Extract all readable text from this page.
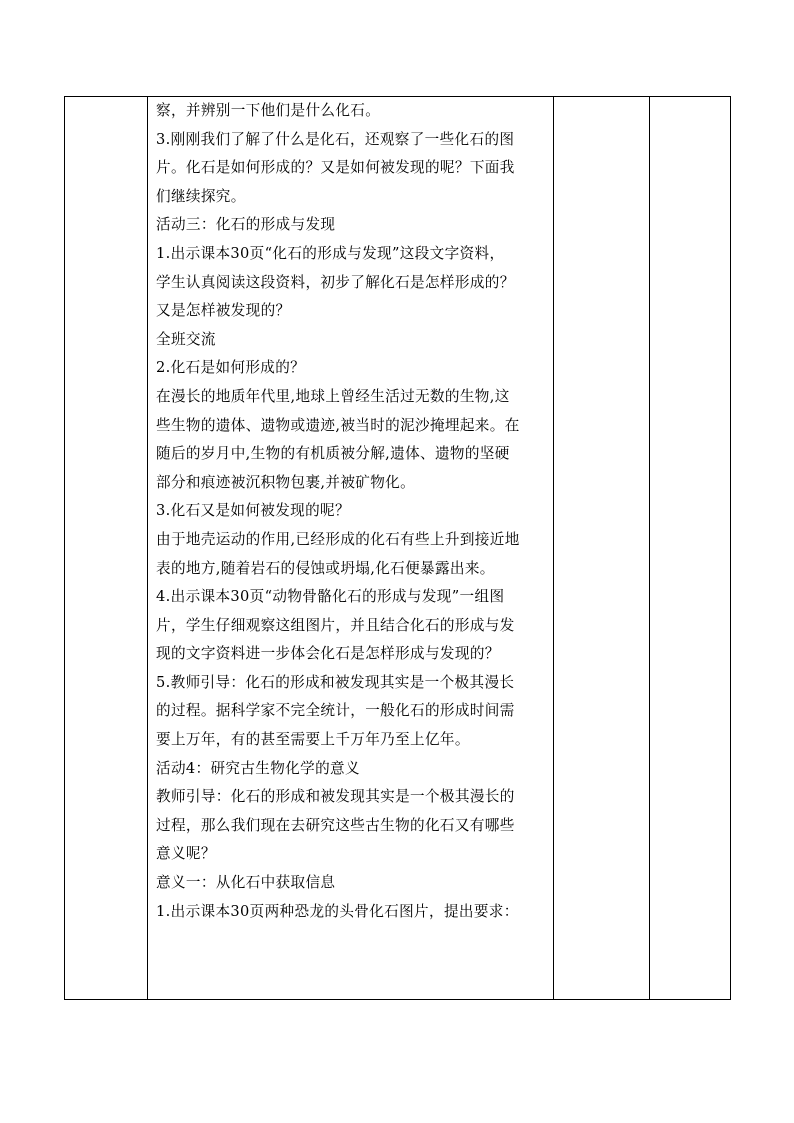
察，并辨别一下他们是什么化石。
3.刚刚我们了解了什么是化石，还观察了一些化石的图
片。化石是如何形成的？又是如何被发现的呢？下面我
们继续探究。
活动三：化石的形成与发现
1.出示课本30页“化石的形成与发现”这段文字资料，
学生认真阅读这段资料，初步了解化石是怎样形成的？
又是怎样被发现的？
全班交流
2.化石是如何形成的？
在漫长的地质年代里,地球上曾经生活过无数的生物,这
些生物的遗体、遗物或遗迹,被当时的泥沙掩埋起来。在
随后的岁月中,生物的有机质被分解,遗体、遗物的坚硬
部分和痕迹被沉积物包裹,并被矿物化。
3.化石又是如何被发现的呢？
由于地壳运动的作用,已经形成的化石有些上升到接近地
表的地方,随着岩石的侵蚀或坍塌,化石便暴露出来。
4.出示课本30页“动物骨骼化石的形成与发现”一组图
片，学生仔细观察这组图片，并且结合化石的形成与发
现的文字资料进一步体会化石是怎样形成与发现的？
5.教师引导：化石的形成和被发现其实是一个极其漫长
的过程。据科学家不完全统计，一般化石的形成时间需
要上万年，有的甚至需要上千万年乃至上亿年。
活动4：研究古生物化学的意义
教师引导：化石的形成和被发现其实是一个极其漫长的
过程，那么我们现在去研究这些古生物的化石又有哪些
意义呢？
意义一：从化石中获取信息
1.出示课本30页两种恐龙的头骨化石图片，提出要求：
